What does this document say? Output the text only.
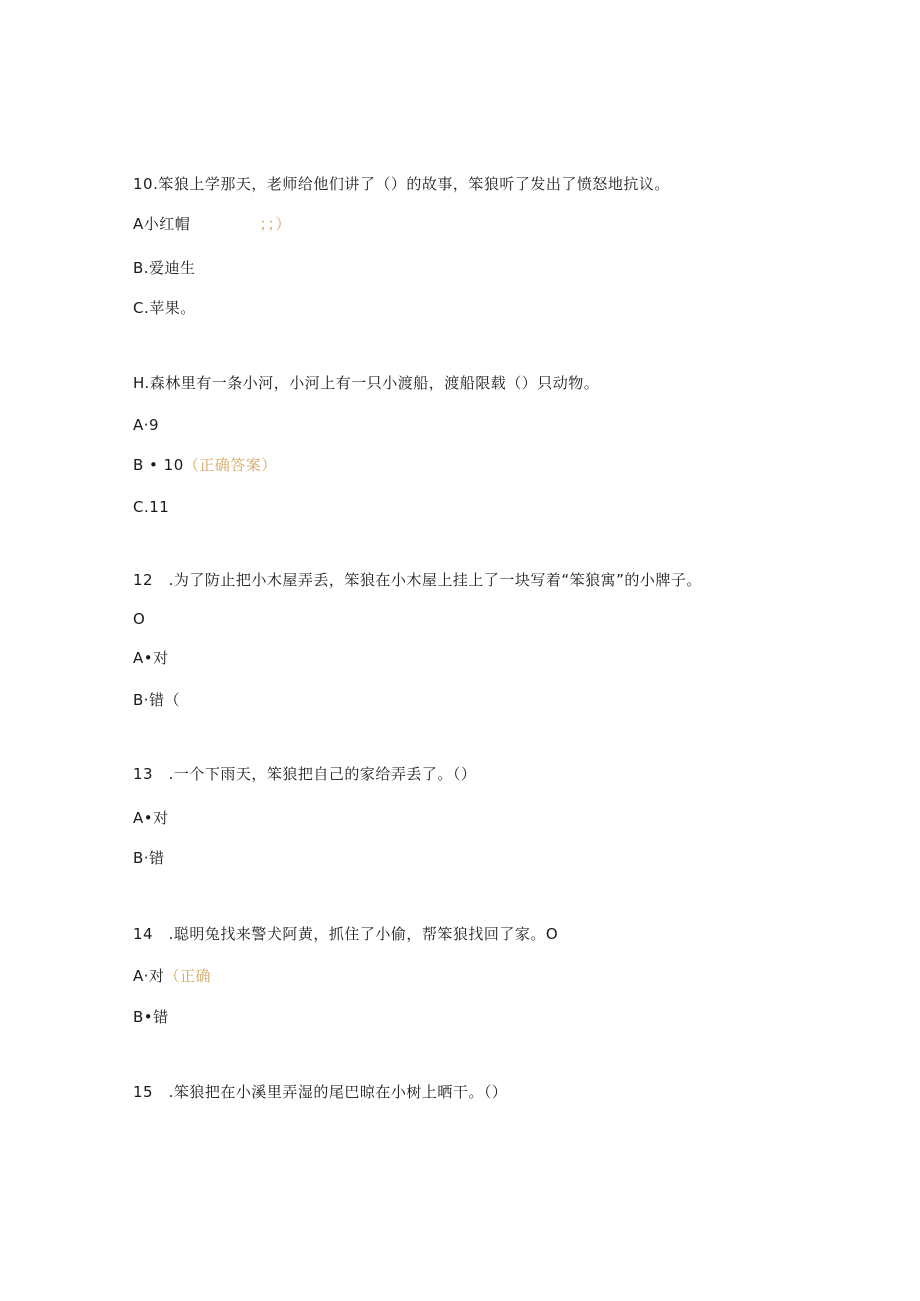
10.笨狼上学那天，老师给他们讲了（）的故事，笨狼听了发出了愤怒地抗议。
A小红帽	；；）
B.爱迪生
C.苹果。
H.森林里有一条小河，小河上有一只小渡船，渡船限载（）只动物。
A·9
B • 10（正确答案）
C.11
12　.为了防止把小木屋弄丢，笨狼在小木屋上挂上了一块写着“笨狼寓”的小牌子。
O
A•对
B·错（
13　.一个下雨天，笨狼把自己的家给弄丢了。（）
A•对
B·错
14　.聪明兔找来警犬阿黄，抓住了小偷，帮笨狼找回了家。O
A·对（正确
B•错
15　.笨狼把在小溪里弄湿的尾巴晾在小树上晒干。（）
